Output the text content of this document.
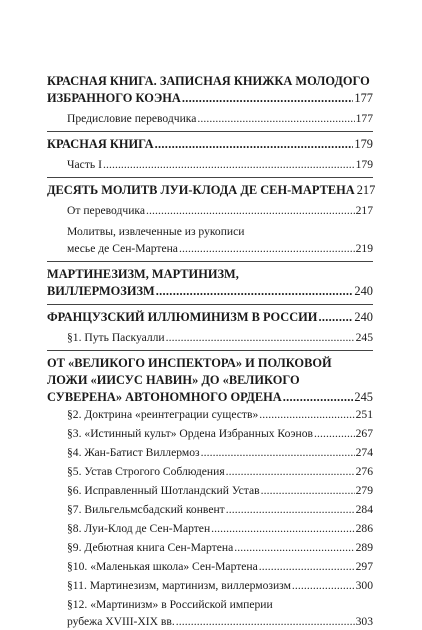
КРАСНАЯ КНИГА. ЗАПИСНАЯ КНИЖКА МОЛОДОГО
ИЗБРАННОГО КОЭНА . . .	177
Предисловие переводчика . . .	177
КРАСНАЯ КНИГА . . .	179
Часть I . . .	179
ДЕСЯТЬ МОЛИТВ ЛУИ-КЛОДА ДЕ СЕН-МАРТЕНА 217
От переводчика . . .	217
Молитвы, извлеченные из рукописи
месье де Сен-Мартена . . .	219
МАРТИНЕЗИЗМ, МАРТИНИЗМ,
ВИЛЛЕРМОЗИЗМ . . .	240
ФРАНЦУЗСКИЙ ИЛЛЮМИНИЗМ В РОССИИ . . .	240
§1. Путь Паскуалли . . .	245
ОТ «ВЕЛИКОГО ИНСПЕКТОРА» И ПОЛКОВОЙ
ЛОЖИ «ИИСУС НАВИН» ДО «ВЕЛИКОГО
СУВЕРЕНА» АВТОНОМНОГО ОРДЕНА . . .	245
§2. Доктрина «реинтеграции существ» . . .	251
§3. «Истинный культ» Ордена Избранных Коэнов . . .	267
§4. Жан-Батист Виллермоз . . .	274
§5. Устав Строгого Соблюдения . . .	276
§6. Исправленный Шотландский Устав . . .	279
§7. Вильгельмсбадский конвент . . .	284
§8. Луи-Клод де Сен-Мартен . . .	286
§9. Дебютная книга Сен-Мартена . . .	289
§10. «Маленькая школа» Сен-Мартена . . .	297
§11. Мартинезизм, мартинизм, виллермозизм . . .	300
§12. «Мартинизм» в Российской империи
рубежа XVIII-XIX вв. . . .	303
